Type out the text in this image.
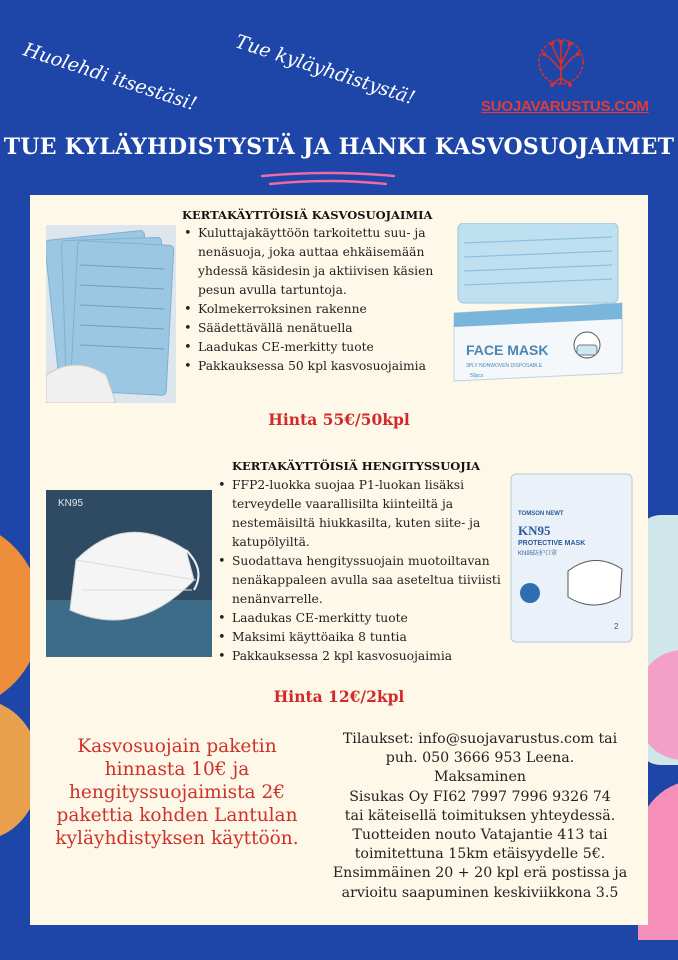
Huolehdi itsestäsi! Tue kyläyhdistystä!	SUOJAVARUSTUS.COM
TUE KYLÄYHDISTYSTÄ JA HANKI KASVOSUOJAIMET
KERTAKÄYTTÖISIÄ KASVOSUOJAIMIA
• Kuluttajakäyttöön tarkoitettu suu- ja nenäsuoja, joka auttaa ehkäisemään yhdessä käsidesin ja aktiivisen käsien pesun avulla tartuntoja.
• Kolmekerroksinen rakenne
• Säädettävällä nenätuella
• Laadukas CE-merkitty tuote
• Pakkauksessa 50 kpl kasvosuojaimia
FACE MASK
3PLY NONWOVEN DISPOSABLE
50pcs
Hinta 55€/50kpl
KN95
KERTAKÄYTTÖISIÄ HENGITYSSUOJIA
• FFP2-luokka suojaa P1-luokan lisäksi terveydelle vaarallisilta kiinteiltä ja nestemäisiltä hiukkasilta, kuten siite- ja katupölyiltä.
• Suodattava hengityssuojain muotoiltavan nenäkappaleen avulla saa aseteltua tiiviisti nenänvarrelle.
• Laadukas CE-merkitty tuote
• Maksimi käyttöaika 8 tuntia
• Pakkauksessa 2 kpl kasvosuojaimia
TOMSON NEWT
KN95
PROTECTIVE MASK
KN95防护口罩
2
Hinta 12€/2kpl
Kasvosuojain paketin hinnasta 10€ ja hengityssuojaimista 2€ pakettia kohden Lantulan kyläyhdistyksen käyttöön.
Tilaukset: info@suojavarustus.com tai
puh. 050 3666 953 Leena.
Maksaminen
Sisukas Oy FI62 7997 7996 9326 74
tai käteisellä toimituksen yhteydessä.
Tuotteiden nouto Vatajantie 413 tai
toimitettuna 15km etäisyydelle 5€.
Ensimmäinen 20 + 20 kpl erä postissa ja
arvioitu saapuminen keskiviikkona 3.5
